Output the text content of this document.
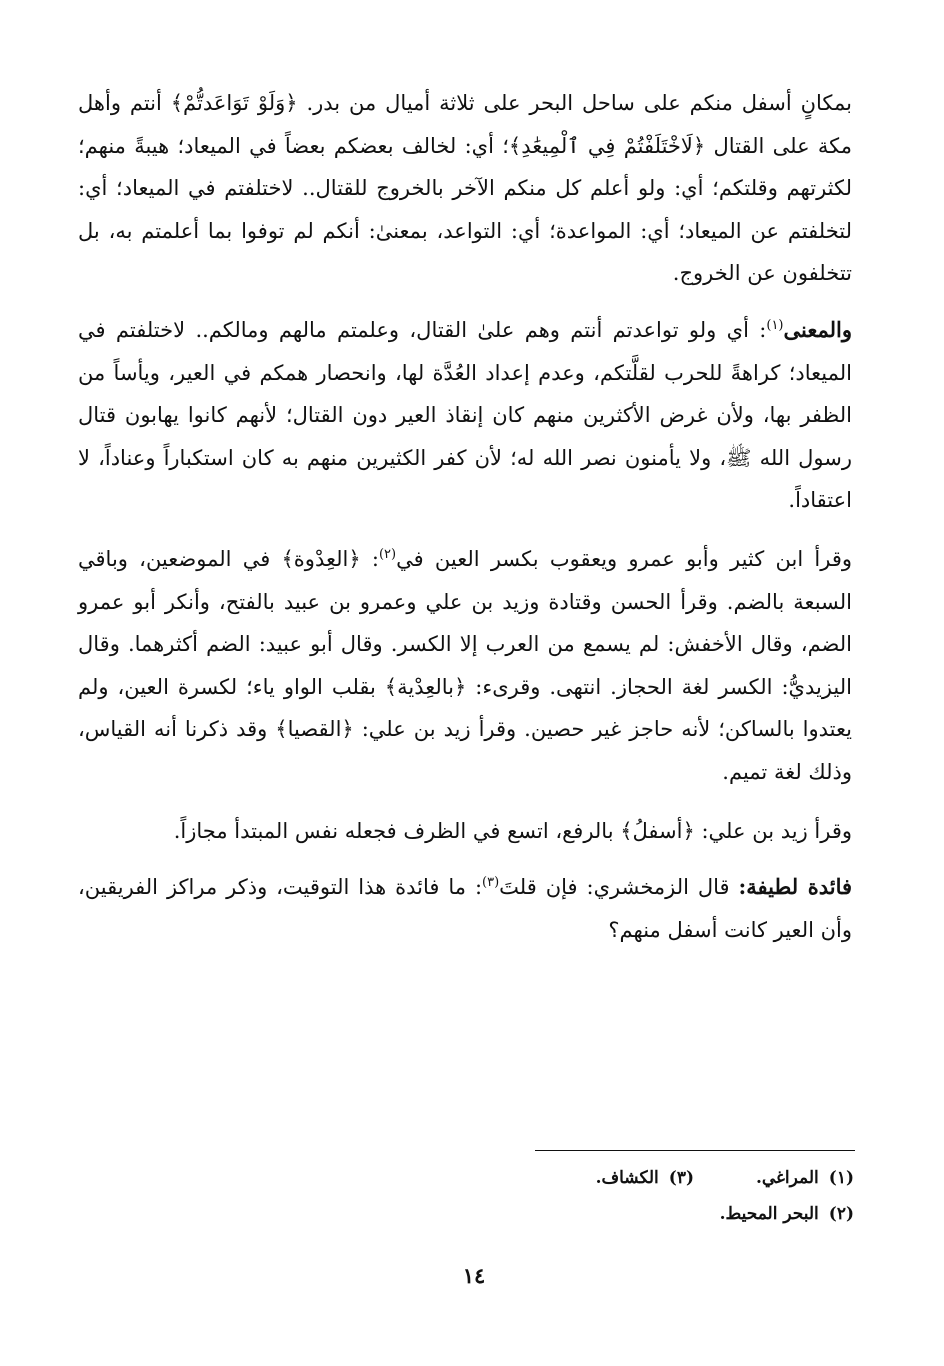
بمكانٍ أسفل منكم على ساحل البحر على ثلاثة أميال من بدر. ﴿وَلَوْ تَوَاعَدتُّمْ﴾ أنتم وأهل مكة على القتال ﴿لَاخْتَلَفْتُمْ فِي ٱلْمِيعَٰدِ﴾؛ أي: لخالف بعضكم بعضاً في الميعاد؛ هيبةً منهم؛ لكثرتهم وقلتكم؛ أي: ولو أعلم كل منكم الآخر بالخروج للقتال.. لاختلفتم في الميعاد؛ أي: لتخلفتم عن الميعاد؛ أي: المواعدة؛ أي: التواعد، بمعنىٰ: أنكم لم توفوا بما أعلمتم به، بل تتخلفون عن الخروج.

والمعنى$^{(١)}$: أي ولو تواعدتم أنتم وهم علىٰ القتال، وعلمتم مالهم ومالكم.. لاختلفتم في الميعاد؛ كراهةً للحرب لقلَّتكم، وعدم إعداد العُدَّة لها، وانحصار همكم في العير، ويأساً من الظفر بها، ولأن غرض الأكثرين منهم كان إنقاذ العير دون القتال؛ لأنهم كانوا يهابون قتال رسول الله ﷺ، ولا يأمنون نصر الله له؛ لأن كفر الكثيرين منهم به كان استكباراً وعناداً، لا اعتقاداً.

وقرأ ابن كثير وأبو عمرو ويعقوب بكسر العين في$^{(٢)}$: ﴿العِدْوة﴾ في الموضعين، وباقي السبعة بالضم. وقرأ الحسن وقتادة وزيد بن علي وعمرو بن عبيد بالفتح، وأنكر أبو عمرو الضم، وقال الأخفش: لم يسمع من العرب إلا الكسر. وقال أبو عبيد: الضم أكثرهما. وقال اليزيديُّ: الكسر لغة الحجاز. انتهى. وقرىء: ﴿بالعِدْية﴾ بقلب الواو ياء؛ لكسرة العين، ولم يعتدوا بالساكن؛ لأنه حاجز غير حصين. وقرأ زيد بن علي: ﴿القصيا﴾ وقد ذكرنا أنه القياس، وذلك لغة تميم.

وقرأ زيد بن علي: ﴿أسفلُ﴾ بالرفع، اتسع في الظرف فجعله نفس المبتدأ مجازاً.

فائدة لطيفة: قال الزمخشري: فإن قلتَ$^{(٣)}$: ما فائدة هذا التوقيت، وذكر مراكز الفريقين، وأن العير كانت أسفل منهم؟

(١)المراغي.
(٣)الكشاف.
(٢)البحر المحيط.
١٤
